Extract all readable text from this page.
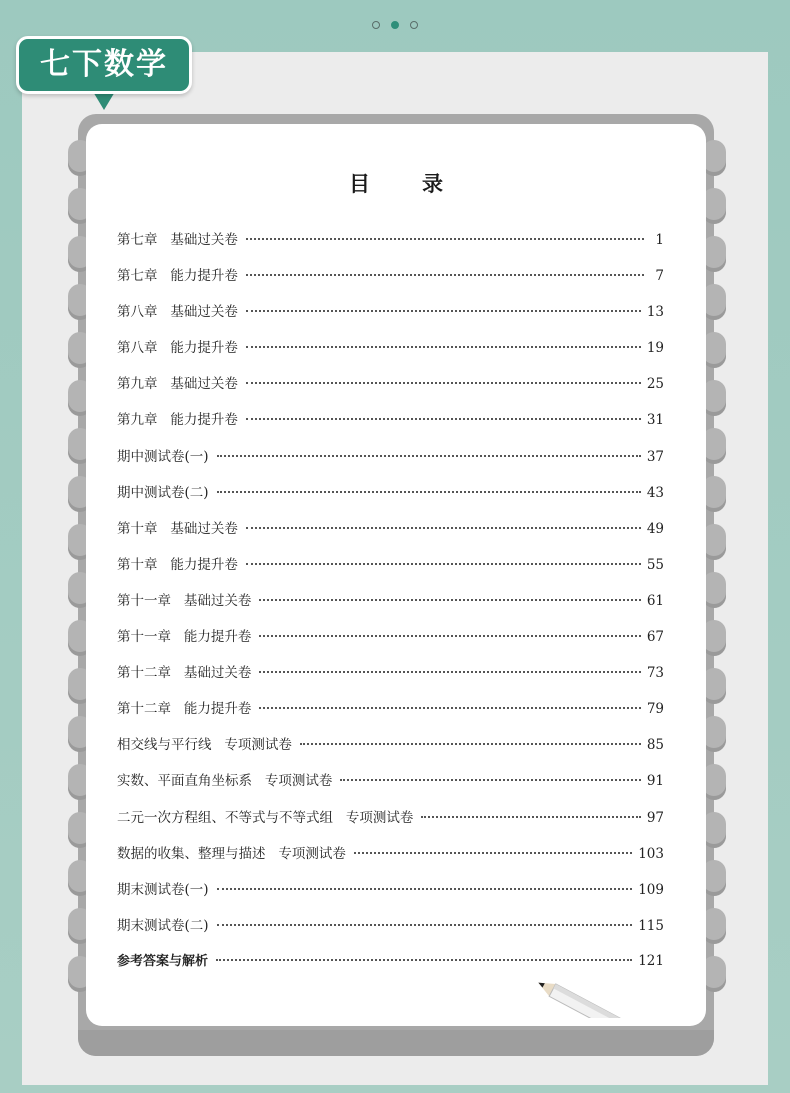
七下数学
目录
第七章   基础过关卷	1
第七章   能力提升卷	7
第八章   基础过关卷	13
第八章   能力提升卷	19
第九章   基础过关卷	25
第九章   能力提升卷	31
期中测试卷(一)	37
期中测试卷(二)	43
第十章   基础过关卷	49
第十章   能力提升卷	55
第十一章   基础过关卷	61
第十一章   能力提升卷	67
第十二章   基础过关卷	73
第十二章   能力提升卷	79
相交线与平行线   专项测试卷	85
实数、平面直角坐标系   专项测试卷	91
二元一次方程组、不等式与不等式组   专项测试卷	97
数据的收集、整理与描述   专项测试卷	103
期末测试卷(一)	109
期末测试卷(二)	115
参考答案与解析	121
